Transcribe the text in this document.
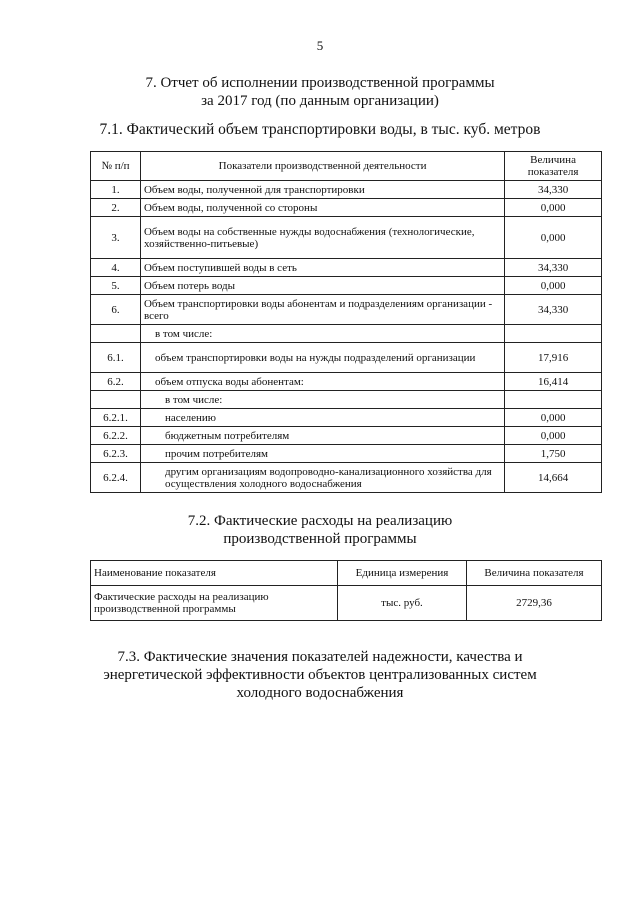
5
7. Отчет об исполнении производственной программы
за 2017 год (по данным организации)
7.1. Фактический объем транспортировки воды, в тыс. куб. метров
№ п/п	Показатели производственной деятельности	Величина показателя
1.	Объем воды, полученной для транспортировки	34,330
2.	Объем воды, полученной со стороны	0,000
3.	Объем воды на собственные нужды водоснабжения (технологические, хозяйственно-питьевые)	0,000
4.	Объем поступившей воды в сеть	34,330
5.	Объем потерь воды	0,000
6.	Объем транспортировки воды абонентам и подразделениям организации - всего	34,330
	в том числе:	
6.1.	объем транспортировки воды на нужды подразделений организации	17,916
6.2.	объем отпуска воды абонентам:	16,414
	в том числе:	
6.2.1.	населению	0,000
6.2.2.	бюджетным потребителям	0,000
6.2.3.	прочим потребителям	1,750
6.2.4.	другим организациям водопроводно-канализационного хозяйства для осуществления холодного водоснабжения	14,664
7.2. Фактические расходы на реализацию
производственной программы
Наименование показателя	Единица измерения	Величина показателя
Фактические расходы на реализацию производственной программы	тыс. руб.	2729,36
7.3. Фактические значения показателей надежности, качества и
энергетической эффективности объектов централизованных систем
холодного водоснабжения
